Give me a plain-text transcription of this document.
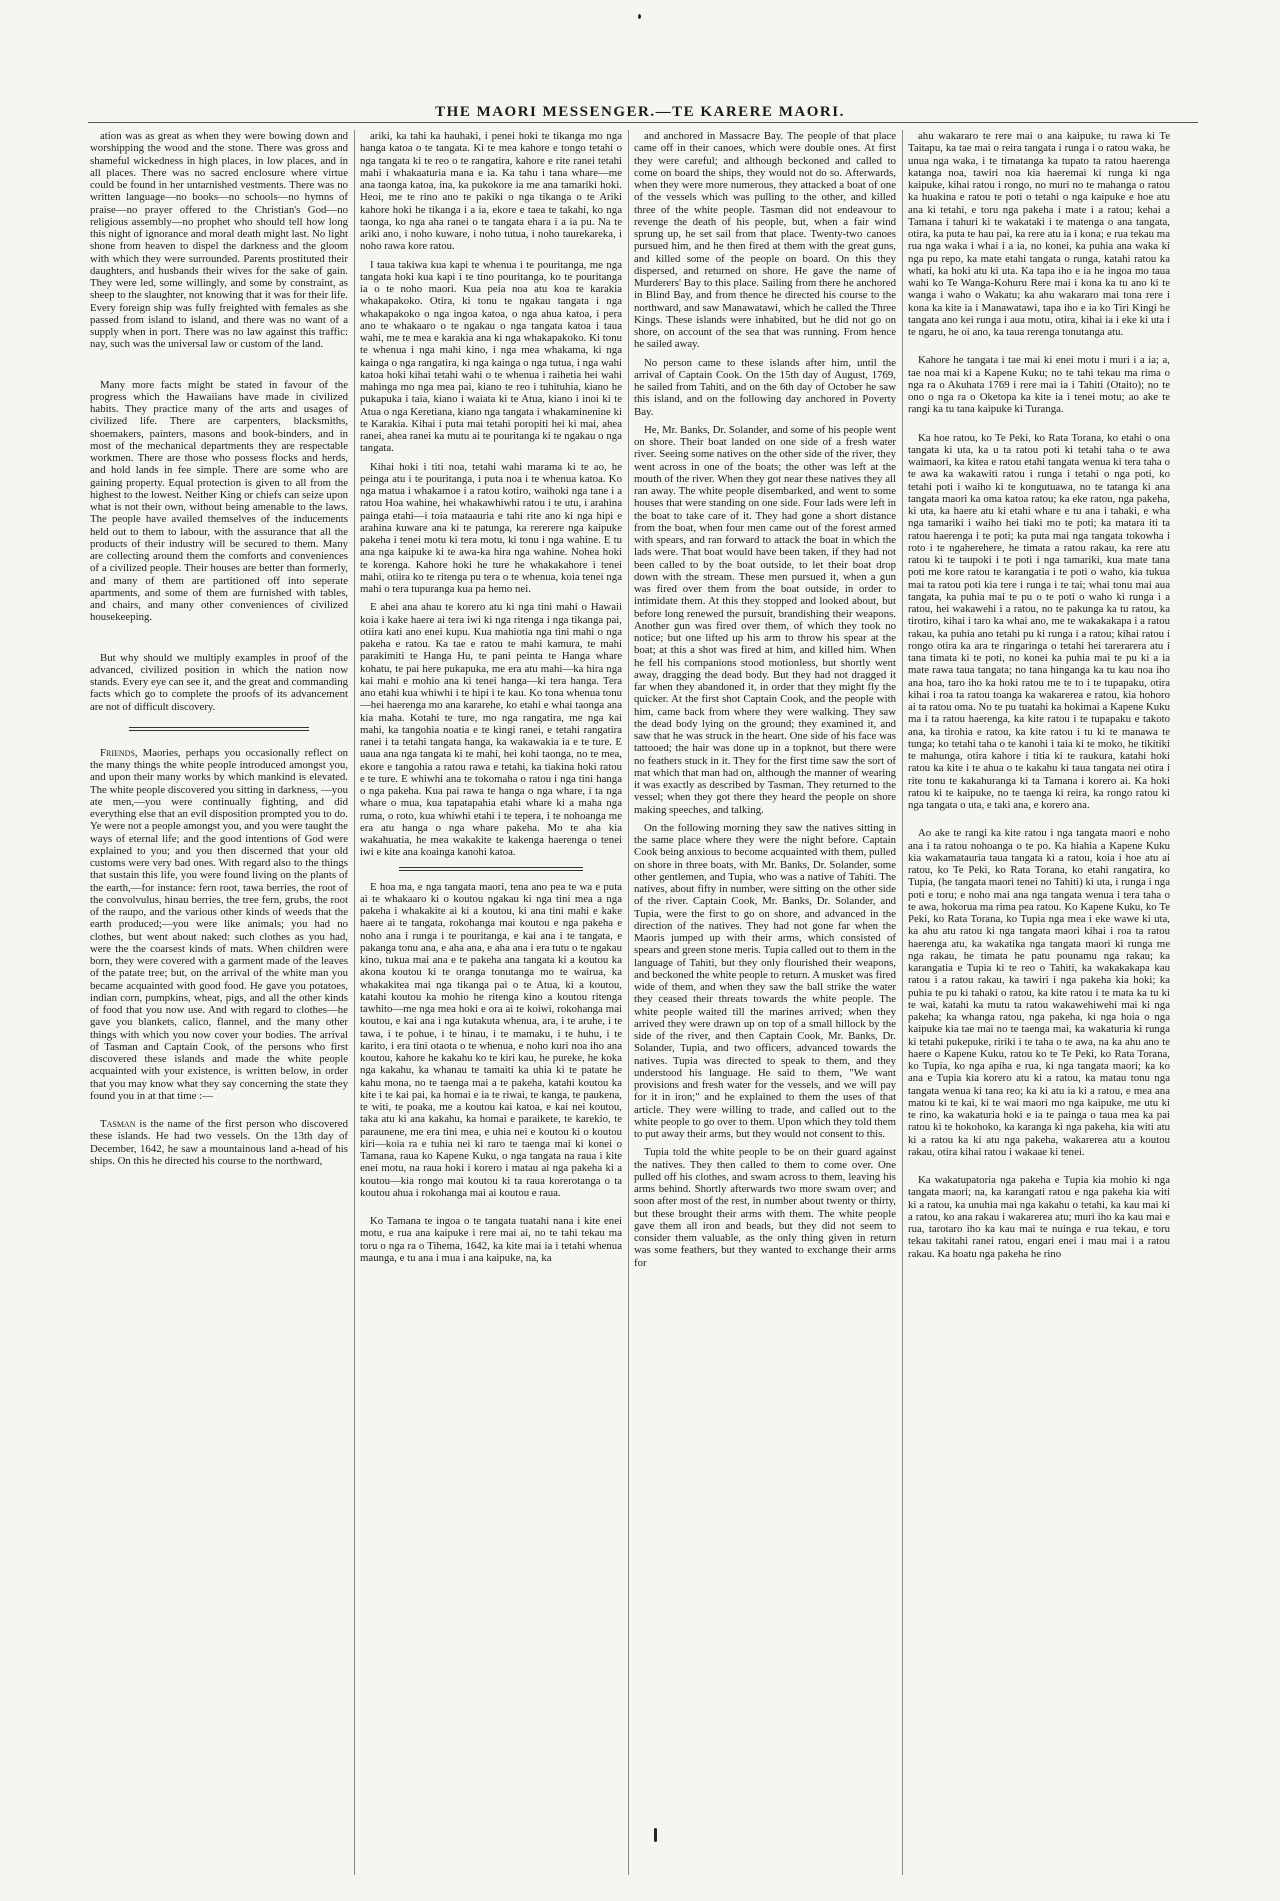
THE MAORI MESSENGER.—TE KARERE MAORI.

ation was as great as when they were bowing down and worshipping the wood and the stone. There was gross and shameful wickedness in high places, in low places, and in all places. There was no sacred enclosure where virtue could be found in her untarnished vestments. There was no written language—no books—no schools—no hymns of praise—no prayer offered to the Christian's God—no religious assembly—no prophet who should tell how long this night of ignorance and moral death might last. No light shone from heaven to dispel the darkness and the gloom with which they were surrounded. Parents prostituted their daughters, and husbands their wives for the sake of gain. They were led, some willingly, and some by constraint, as sheep to the slaughter, not knowing that it was for their life. Every foreign ship was fully freighted with females as she passed from island to island, and there was no want of a supply when in port. There was no law against this traffic: nay, such was the universal law or custom of the land.

Many more facts might be stated in favour of the progress which the Hawaiians have made in civilized habits. They practice many of the arts and usages of civilized life. There are carpenters, blacksmiths, shoemakers, painters, masons and book-binders, and in most of the mechanical departments they are respectable workmen. There are those who possess flocks and herds, and hold lands in fee simple. There are some who are gaining property. Equal protection is given to all from the highest to the lowest. Neither King or chiefs can seize upon what is not their own, without being amenable to the laws. The people have availed themselves of the inducements held out to them to labour, with the assurance that all the products of their industry will be secured to them. Many are collecting around them the comforts and conveniences of a civilized people. Their houses are better than formerly, and many of them are partitioned off into seperate apartments, and some of them are furnished with tables, and chairs, and many other conveniences of civilized housekeeping.

But why should we multiply examples in proof of the advanced, civilized position in which the nation now stands. Every eye can see it, and the great and commanding facts which go to complete the proofs of its advancement are not of difficult discovery.

Friends, Maories, perhaps you occasionally reflect on the many things the white people introduced amongst you, and upon their many works by which mankind is elevated. The white people discovered you sitting in darkness, —you ate men,—you were continually fighting, and did everything else that an evil disposition prompted you to do. Ye were not a people amongst you, and you were taught the ways of eternal life; and the good intentions of God were explained to you; and you then discerned that your old customs were very bad ones. With regard also to the things that sustain this life, you were found living on the plants of the earth,—for instance: fern root, tawa berries, the root of the convolvulus, hinau berries, the tree fern, grubs, the root of the raupo, and the various other kinds of weeds that the earth produced;—you were like animals; you had no clothes, but went about naked: such clothes as you had, were the the coarsest kinds of mats. When children were born, they were covered with a garment made of the leaves of the patate tree; but, on the arrival of the white man you became acquainted with good food. He gave you potatoes, indian corn, pumpkins, wheat, pigs, and all the other kinds of food that you now use. And with regard to clothes—he gave you blankets, calico, flannel, and the many other things with which you now cover your bodies. The arrival of Tasman and Captain Cook, of the persons who first discovered these islands and made the white people acquainted with your existence, is written below, in order that you may know what they say concerning the state they found you in at that time :—

Tasman is the name of the first person who discovered these islands. He had two vessels. On the 13th day of December, 1642, he saw a mountainous land a-head of his ships. On this he directed his course to the northward,

ariki, ka tahi ka hauhaki, i penei hoki te tikanga mo nga hanga katoa o te tangata. Ki te mea kahore e tongo tetahi o nga tangata ki te reo o te rangatira, kahore e rite ranei tetahi mahi i whakaaturia mana e ia. Ka tahu i tana whare—me ana taonga katoa, ina, ka pukokore ia me ana tamariki hoki. Heoi, me te rino ano te pakiki o nga tikanga o te Ariki kahore hoki he tikanga i a ia, ekore e taea te takahi, ko nga taonga, ko nga aha ranei o te tangata ehara i a ia pu. Na te ariki ano, i noho kuware, i noho tutua, i noho taurekareka, i noho rawa kore ratou.

I taua takiwa kua kapi te whenua i te pouritanga, me nga tangata hoki kua kapi i te tino pouritanga, ko te pouritanga ia o te noho maori. Kua peia noa atu koa te karakia whakapakoko. Otira, ki tonu te ngakau tangata i nga whakapakoko o nga ingoa katoa, o nga ahua katoa, i pera ano te whakaaro o te ngakau o nga tangata katoa i taua wahi, me te mea e karakia ana ki nga whakapakoko. Ki tonu te whenua i nga mahi kino, i nga mea whakama, ki nga kainga o nga rangatira, ki nga kainga o nga tutua, i nga wahi katoa hoki kihai tetahi wahi o te whenua i raihetia hei wahi mahinga mo nga mea pai, kiano te reo i tuhituhia, kiano he pukapuka i taia, kiano i waiata ki te Atua, kiano i inoi ki te Atua o nga Keretiana, kiano nga tangata i whakaminenine ki te Karakia. Kihai i puta mai tetahi poropiti hei ki mai, ahea ranei, ahea ranei ka mutu ai te pouritanga ki te ngakau o nga tangata.

Kihai hoki i titi noa, tetahi wahi marama ki te ao, he peinga atu i te pouritanga, i puta noa i te whenua katoa. Ko nga matua i whakamoe i a ratou kotiro, waihoki nga tane i a ratou Hoa wahine, hei whakawhiwhi ratou i te utu, i arahina painga etahi—i toia mataauria e tahi rite ano ki nga hipi e arahina kuware ana ki te patunga, ka rererere nga kaipuke pakeha i tenei motu ki tera motu, ki tonu i nga wahine. E tu ana nga kaipuke ki te awa-ka hira nga wahine. Nohea hoki te korenga. Kahore hoki he ture he whakakahore i tenei mahi, otiira ko te ritenga pu tera o te whenua, koia tenei nga mahi o tera tupuranga kua pa hemo nei.

E ahei ana ahau te korero atu ki nga tini mahi o Hawaii koia i kake haere ai tera iwi ki nga ritenga i nga tikanga pai, otiira kati ano enei kupu. Kua mahiotia nga tini mahi o nga pakeha e ratou. Ka tae e ratou te mahi kamura, te mahi parakimiti te Hanga Hu, te pani peinta te Hanga whare kohatu, te pai here pukapuka, me era atu mahi—ka hira nga kai mahi e mohio ana ki tenei hanga—ki tera hanga. Tera ano etahi kua whiwhi i te hipi i te kau. Ko tona whenua tonu—hei haerenga mo ana kararehe, ko etahi e whai taonga ana kia maha. Kotahi te ture, mo nga rangatira, me nga kai mahi, ka tangohia noatia e te kingi ranei, e tetahi rangatira ranei i ta tetahi tangata hanga, ka wakawakia ia e te ture. E uaua ana nga tangata ki te mahi, hei kohi taonga, no te mea, ekore e tangohia a ratou rawa e tetahi, ka tiakina hoki ratou e te ture. E whiwhi ana te tokomaha o ratou i nga tini hanga o nga pakeha. Kua pai rawa te hanga o nga whare, i ta nga whare o mua, kua tapatapahia etahi whare ki a maha nga ruma, o roto, kua whiwhi etahi i te tepera, i te nohoanga me era atu hanga o nga whare pakeha. Mo te aha kia wakahuatia, he mea wakakite te kakenga haerenga o tenei iwi e kite ana koainga kanohi katoa.

E hoa ma, e nga tangata maori, tena ano pea te wa e puta ai te whakaaro ki o koutou ngakau ki nga tini mea a nga pakeha i whakakite ai ki a koutou, ki ana tini mahi e kake haere ai te tangata, rokohanga mai koutou e nga pakeha e noho ana i runga i te pouritanga, e kai ana i te tangata, e pakanga tonu ana, e aha ana, e aha ana i era tutu o te ngakau kino, tukua mai ana e te pakeha ana tangata ki a koutou ka akona koutou ki te oranga tonutanga mo te wairua, ka whakakitea mai nga tikanga pai o te Atua, ki a koutou, katahi koutou ka mohio he ritenga kino a koutou ritenga tawhito—me nga mea hoki e ora ai te koiwi, rokohanga mai koutou, e kai ana i nga kutakuta whenua, ara, i te aruhe, i te tawa, i te pohue, i te hinau, i te mamaku, i te huhu, i te karito, i era tini otaota o te whenua, e noho kuri noa iho ana koutou, kahore he kakahu ko te kiri kau, he pureke, he koka nga kakahu, ka whanau te tamaiti ka uhia ki te patate he kahu mona, no te taenga mai a te pakeha, katahi koutou ka kite i te kai pai, ka homai e ia te riwai, te kanga, te paukena, te witi, te poaka, me a koutou kai katoa, e kai nei koutou, taka atu ki ana kakahu, ka homai e paraikete, te karekio, te paraunene, me era tini mea, e uhia nei e koutou ki o koutou kiri—koia ra e tuhia nei ki raro te taenga mai ki konei o Tamana, raua ko Kapene Kuku, o nga tangata na raua i kite enei motu, na raua hoki i korero i matau ai nga pakeha ki a koutou—kia rongo mai koutou ki ta raua korerotanga o ta koutou ahua i rokohanga mai ai koutou e raua.

Ko Tamana te ingoa o te tangata tuatahi nana i kite enei motu, e rua ana kaipuke i rere mai ai, no te tahi tekau ma toru o nga ra o Tihema, 1642, ka kite mai ia i tetahi whenua maunga, e tu ana i mua i ana kaipuke, na, ka

and anchored in Massacre Bay. The people of that place came off in their canoes, which were double ones. At first they were careful; and although beckoned and called to come on board the ships, they would not do so. Afterwards, when they were more numerous, they attacked a boat of one of the vessels which was pulling to the other, and killed three of the white people. Tasman did not endeavour to revenge the death of his people, but, when a fair wind sprung up, he set sail from that place. Twenty-two canoes pursued him, and he then fired at them with the great guns, and killed some of the people on board. On this they dispersed, and returned on shore. He gave the name of Murderers' Bay to this place. Sailing from there he anchored in Blind Bay, and from thence he directed his course to the northward, and saw Manawatawi, which he called the Three Kings. These islands were inhabited, but he did not go on shore, on account of the sea that was running. From hence he sailed away.

No person came to these islands after him, until the arrival of Captain Cook. On the 15th day of August, 1769, he sailed from Tahiti, and on the 6th day of October he saw this island, and on the following day anchored in Poverty Bay.

He, Mr. Banks, Dr. Solander, and some of his people went on shore. Their boat landed on one side of a fresh water river. Seeing some natives on the other side of the river, they went across in one of the boats; the other was left at the mouth of the river. When they got near these natives they all ran away. The white people disembarked, and went to some houses that were standing on one side. Four lads were left in the boat to take care of it. They had gone a short distance from the boat, when four men came out of the forest armed with spears, and ran forward to attack the boat in which the lads were. That boat would have been taken, if they had not been called to by the boat outside, to let their boat drop down with the stream. These men pursued it, when a gun was fired over them from the boat outside, in order to intimidate them. At this they stopped and looked about, but before long renewed the pursuit, brandishing their weapons. Another gun was fired over them, of which they took no notice; but one lifted up his arm to throw his spear at the boat; at this a shot was fired at him, and killed him. When he fell his companions stood motionless, but shortly went away, dragging the dead body. But they had not dragged it far when they abandoned it, in order that they might fly the quicker. At the first shot Captain Cook, and the people with him, came back from where they were walking. They saw the dead body lying on the ground; they examined it, and saw that he was struck in the heart. One side of his face was tattooed; the hair was done up in a topknot, but there were no feathers stuck in it. They for the first time saw the sort of mat which that man had on, although the manner of wearing it was exactly as described by Tasman. They returned to the vessel; when they got there they heard the people on shore making speeches, and talking.

On the following morning they saw the natives sitting in the same place where they were the night before. Captain Cook being anxious to become acquainted with them, pulled on shore in three boats, with Mr. Banks, Dr. Solander, some other gentlemen, and Tupia, who was a native of Tahiti. The natives, about fifty in number, were sitting on the other side of the river. Captain Cook, Mr. Banks, Dr. Solander, and Tupia, were the first to go on shore, and advanced in the direction of the natives. They had not gone far when the Maoris jumped up with their arms, which consisted of spears and green stone meris. Tupia called out to them in the language of Tahiti, but they only flourished their weapons, and beckoned the white people to return. A musket was fired wide of them, and when they saw the ball strike the water they ceased their threats towards the white people. The white people waited till the marines arrived; when they arrived they were drawn up on top of a small hillock by the side of the river, and then Captain Cook, Mr. Banks, Dr. Solander, Tupia, and two officers, advanced towards the natives. Tupia was directed to speak to them, and they understood his language. He said to them, "We want provisions and fresh water for the vessels, and we will pay for it in iron;" and he explained to them the uses of that article. They were willing to trade, and called out to the white people to go over to them. Upon which they told them to put away their arms, but they would not consent to this.

Tupia told the white people to be on their guard against the natives. They then called to them to come over. One pulled off his clothes, and swam across to them, leaving his arms behind. Shortly afterwards two more swam over; and soon after most of the rest, in number about twenty or thirty, but these brought their arms with them. The white people gave them all iron and beads, but they did not seem to consider them valuable, as the only thing given in return was some feathers, but they wanted to exchange their arms for

ahu wakararo te rere mai o ana kaipuke, tu rawa ki Te Taitapu, ka tae mai o reira tangata i runga i o ratou waka, he unua nga waka, i te timatanga ka tupato ta ratou haerenga katanga noa, tawiri noa kia haeremai ki runga ki nga kaipuke, kihai ratou i rongo, no muri no te mahanga o ratou ka huakina e ratou te poti o tetahi o nga kaipuke e hoe atu ana ki tetahi, e toru nga pakeha i mate i a ratou; kehai a Tamana i tahuri ki te wakataki i te matenga o ana tangata, otira, ka puta te hau pai, ka rere atu ia i kona; e rua tekau ma rua nga waka i whai i a ia, no konei, ka puhia ana waka ki nga pu repo, ka mate etahi tangata o runga, katahi ratou ka whati, ka hoki atu ki uta. Ka tapa iho e ia he ingoa mo taua wahi ko Te Wanga-Kohuru Rere mai i kona ka tu ano ki te wanga i waho o Wakatu; ka ahu wakararo mai tona rere i kona ka kite ia i Manawatawi, tapa iho e ia ko Tiri Kingi he tangata ano kei runga i aua motu, otira, kihai ia i eke ki uta i te ngaru, he oi ano, ka taua rerenga tonutanga atu.

Kahore he tangata i tae mai ki enei motu i muri i a ia; a, tae noa mai ki a Kapene Kuku; no te tahi tekau ma rima o nga ra o Akuhata 1769 i rere mai ia i Tahiti (Otaito); no te ono o nga ra o Oketopa ka kite ia i tenei motu; ao ake te rangi ka tu tana kaipuke ki Turanga.

Ka hoe ratou, ko Te Peki, ko Rata Torana, ko etahi o ona tangata ki uta, ka u ta ratou poti ki tetahi taha o te awa waimaori, ka kitea e ratou etahi tangata wenua ki tera taha o te awa ka wakawiti ratou i runga i tetahi o nga poti, ko tetahi poti i waiho ki te kongutuawa, no te tatanga ki ana tangata maori ka oma katoa ratou; ka eke ratou, nga pakeha, ki uta, ka haere atu ki etahi whare e tu ana i tahaki, e wha nga tamariki i waiho hei tiaki mo te poti; ka matara iti ta ratou haerenga i te poti; ka puta mai nga tangata tokowha i roto i te ngaherehere, he timata a ratou rakau, ka rere atu ratou ki te taupoki i te poti i nga tamariki, kua mate tana poti me kore ratou te karangatia i te poti o waho, kia tukua mai ta ratou poti kia tere i runga i te tai; whai tonu mai aua tangata, ka puhia mai te pu o te poti o waho ki runga i a ratou, hei wakawehi i a ratou, no te pakunga ka tu ratou, ka tirotiro, kihai i taro ka whai ano, me te wakakakapa i a ratou rakau, ka puhia ano tetahi pu ki runga i a ratou; kihai ratou i rongo otira ka ara te ringaringa o tetahi hei tarerarera atu i tana timata ki te poti, no konei ka puhia mai te pu ki a ia mate rawa taua tangata; no tana hinganga ka tu kau noa iho ana hoa, taro iho ka hoki ratou me te to i te tupapaku, otira kihai i roa ta ratou toanga ka wakarerea e ratou, kia hohoro ai ta ratou oma. No te pu tuatahi ka hokimai a Kapene Kuku ma i ta ratou haerenga, ka kite ratou i te tupapaku e takoto ana, ka tirohia e ratou, ka kite ratou i tu ki te manawa te tunga; ko tetahi taha o te kanohi i taia ki te moko, he tikitiki te mahunga, otira kahore i titia ki te raukura, katahi hoki ratou ka kite i te ahua o te kakahu ki taua tangata nei otira i rite tonu te kakahuranga ki ta Tamana i korero ai. Ka hoki ratou ki te kaipuke, no te taenga ki reira, ka rongo ratou ki nga tangata o uta, e taki ana, e korero ana.

Ao ake te rangi ka kite ratou i nga tangata maori e noho ana i ta ratou nohoanga o te po. Ka hiahia a Kapene Kuku kia wakamatauria taua tangata ki a ratou, koia i hoe atu ai ratou, ko Te Peki, ko Rata Torana, ko etahi rangatira, ko Tupia, (he tangata maori tenei no Tahiti) ki uta, i runga i nga poti e toru; e noho mai ana nga tangata wenua i tera taha o te awa, hokorua ma rima pea ratou. Ko Kapene Kuku, ko Te Peki, ko Rata Torana, ko Tupia nga mea i eke wawe ki uta, ka ahu atu ratou ki nga tangata maori kihai i roa ta ratou haerenga atu, ka wakatika nga tangata maori ki runga me nga rakau, he timata he patu pounamu nga rakau; ka karangatia e Tupia ki te reo o Tahiti, ka wakakakapa kau ratou i a ratou rakau, ka tawiri i nga pakeha kia hoki; ka puhia te pu ki tahaki o ratou, ka kite ratou i te mata ka tu ki te wai, katahi ka mutu ta ratou wakawehiwehi mai ki nga pakeha; ka whanga ratou, nga pakeha, ki nga hoia o nga kaipuke kia tae mai no te taenga mai, ka wakaturia ki runga ki tetahi pukepuke, ririki i te taha o te awa, na ka ahu ano te haere o Kapene Kuku, ratou ko te Te Peki, ko Rata Torana, ko Tupia, ko nga apiha e rua, ki nga tangata maori; ka ko ana e Tupia kia korero atu ki a ratou, ka matau tonu nga tangata wenua ki tana reo; ka ki atu ia ki a ratou, e mea ana matou ki te kai, ki te wai maori mo nga kaipuke, me utu ki te rino, ka wakaturia hoki e ia te painga o taua mea ka pai ratou ki te hokohoko, ka karanga ki nga pakeha, kia witi atu ki a ratou ka ki atu nga pakeha, wakarerea atu a koutou rakau, otira kihai ratou i wakaae ki tenei.

Ka wakatupatoria nga pakeha e Tupia kia mohio ki nga tangata maori; na, ka karangati ratou e nga pakeha kia witi ki a ratou, ka unuhia mai nga kakahu o tetahi, ka kau mai ki a ratou, ko ana rakau i wakarerea atu; muri iho ka kau mai e rua, tarotaro iho ka kau mai te nuinga e rua tekau, e toru tekau takitahi ranei ratou, engari enei i mau mai i a ratou rakau. Ka hoatu nga pakeha he rino
